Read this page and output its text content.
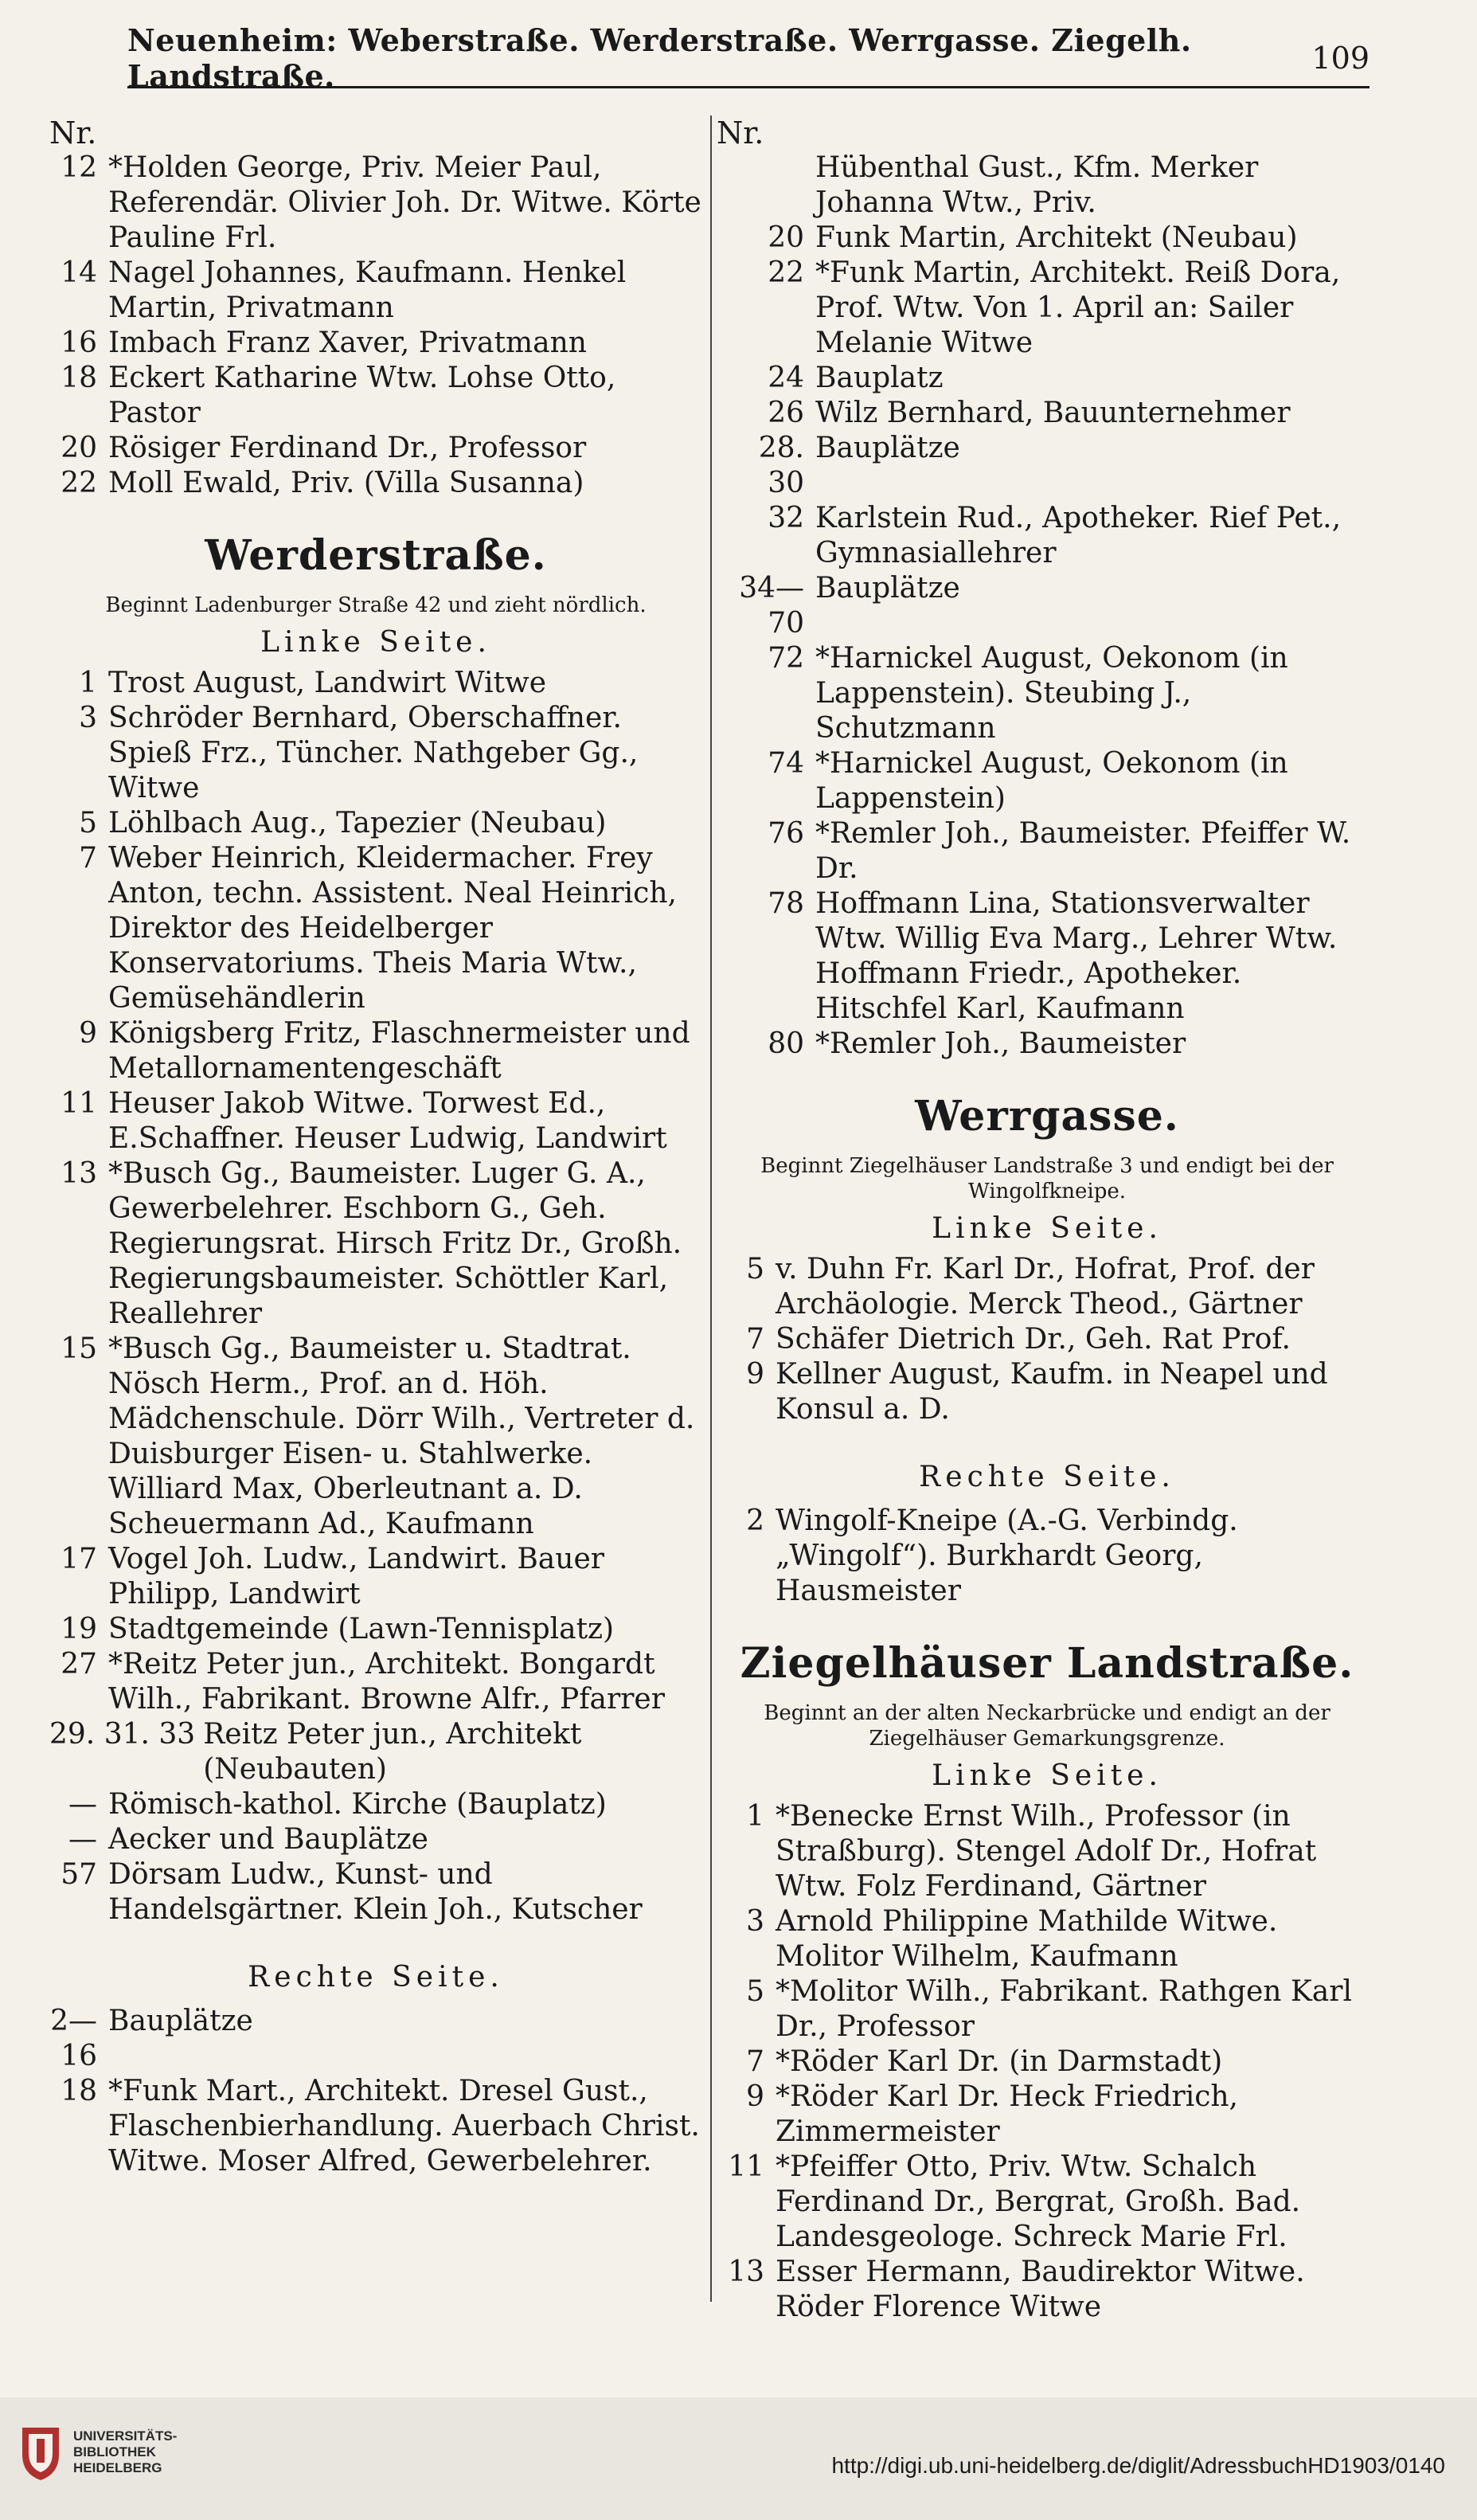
Neuenheim: Weberstraße. Werderstraße. Werrgasse. Ziegelh. Landstraße.	109

Nr.

12 *Holden George, Priv. Meier Paul, Referendär. Olivier Joh. Dr. Witwe. Körte Pauline Frl.
14 Nagel Johannes, Kaufmann. Henkel Martin, Privatmann
16 Imbach Franz Xaver, Privatmann
18 Eckert Katharine Wtw. Lohse Otto, Pastor
20 Rösiger Ferdinand Dr., Professor
22 Moll Ewald, Priv. (Villa Susanna)
Werderstraße.
Beginnt Ladenburger Straße 42 und zieht nördlich.
Linke Seite.
1 Trost August, Landwirt Witwe
3 Schröder Bernhard, Oberschaffner. Spieß Frz., Tüncher. Nathgeber Gg., Witwe
5 Löhlbach Aug., Tapezier (Neubau)
7 Weber Heinrich, Kleidermacher. Frey Anton, techn. Assistent. Neal Heinrich, Direktor des Heidelberger Konservatoriums. Theis Maria Wtw., Gemüsehändlerin
9 Königsberg Fritz, Flaschnermeister und Metallornamentengeschäft
11 Heuser Jakob Witwe. Torwest Ed., E.Schaffner. Heuser Ludwig, Landwirt
13 *Busch Gg., Baumeister. Luger G. A., Gewerbelehrer. Eschborn G., Geh. Regierungsrat. Hirsch Fritz Dr., Großh. Regierungsbaumeister. Schöttler Karl, Reallehrer
15 *Busch Gg., Baumeister u. Stadtrat. Nösch Herm., Prof. an d. Höh. Mädchenschule. Dörr Wilh., Vertreter d. Duisburger Eisen- u. Stahlwerke. Williard Max, Oberleutnant a. D. Scheuermann Ad., Kaufmann
17 Vogel Joh. Ludw., Landwirt. Bauer Philipp, Landwirt
19 Stadtgemeinde (Lawn-Tennisplatz)
27 *Reitz Peter jun., Architekt. Bongardt Wilh., Fabrikant. Browne Alfr., Pfarrer
29. 31. 33 Reitz Peter jun., Architekt (Neubauten)
— Römisch-kathol. Kirche (Bauplatz)
— Aecker und Bauplätze
57 Dörsam Ludw., Kunst- und Handelsgärtner. Klein Joh., Kutscher
Rechte Seite.
2—16
Bauplätze
18 *Funk Mart., Architekt. Dresel Gust., Flaschenbierhandlung. Auerbach Christ. Witwe. Moser Alfred, Gewerbelehrer.

Nr.

Hübenthal Gust., Kfm. Merker Johanna Wtw., Priv.
20 Funk Martin, Architekt (Neubau)
22 *Funk Martin, Architekt. Reiß Dora, Prof. Wtw. Von 1. April an: Sailer Melanie Witwe
24 Bauplatz
26 Wilz Bernhard, Bauunternehmer
28. 30
Bauplätze
32 Karlstein Rud., Apotheker. Rief Pet., Gymnasiallehrer
34—70
Bauplätze
72 *Harnickel August, Oekonom (in Lappenstein). Steubing J., Schutzmann
74 *Harnickel August, Oekonom (in Lappenstein)
76 *Remler Joh., Baumeister. Pfeiffer W. Dr.
78 Hoffmann Lina, Stationsverwalter Wtw. Willig Eva Marg., Lehrer Wtw. Hoffmann Friedr., Apotheker. Hitschfel Karl, Kaufmann
80 *Remler Joh., Baumeister
Werrgasse.
Beginnt Ziegelhäuser Landstraße 3 und endigt bei der Wingolfkneipe.
Linke Seite.
5 v. Duhn Fr. Karl Dr., Hofrat, Prof. der Archäologie. Merck Theod., Gärtner
7 Schäfer Dietrich Dr., Geh. Rat Prof.
9 Kellner August, Kaufm. in Neapel und Konsul a. D.
Rechte Seite.
2 Wingolf-Kneipe (A.-G. Verbindg. „Wingolf“). Burkhardt Georg, Hausmeister
Ziegelhäuser Landstraße.
Beginnt an der alten Neckarbrücke und endigt an der Ziegelhäuser Gemarkungsgrenze.
Linke Seite.
1 *Benecke Ernst Wilh., Professor (in Straßburg). Stengel Adolf Dr., Hofrat Wtw. Folz Ferdinand, Gärtner
3 Arnold Philippine Mathilde Witwe. Molitor Wilhelm, Kaufmann
5 *Molitor Wilh., Fabrikant. Rathgen Karl Dr., Professor
7 *Röder Karl Dr. (in Darmstadt)
9 *Röder Karl Dr. Heck Friedrich, Zimmermeister
11 *Pfeiffer Otto, Priv. Wtw. Schalch Ferdinand Dr., Bergrat, Großh. Bad. Landesgeologe. Schreck Marie Frl.
13 Esser Hermann, Baudirektor Witwe. Röder Florence Witwe
UNIVERSITÄTS-
BIBLIOTHEK
HEIDELBERG	http://digi.ub.uni-heidelberg.de/diglit/AdressbuchHD1903/0140
